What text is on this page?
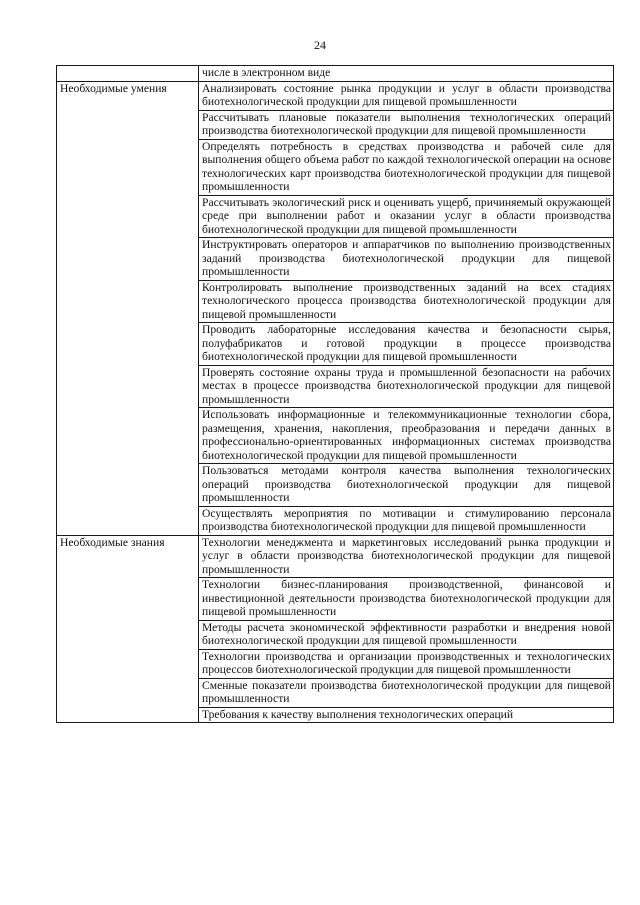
24
	числе в электронном виде
Необходимые умения	Анализировать состояние рынка продукции и услуг в области производства биотехнологической продукции для пищевой промышленности
	Рассчитывать плановые показатели выполнения технологических операций производства биотехнологической продукции для пищевой промышленности
	Определять потребность в средствах производства и рабочей силе для выполнения общего объема работ по каждой технологической операции на основе технологических карт производства биотехнологической продукции для пищевой промышленности
	Рассчитывать экологический риск и оценивать ущерб, причиняемый окружающей среде при выполнении работ и оказании услуг в области производства биотехнологической продукции для пищевой промышленности
	Инструктировать операторов и аппаратчиков по выполнению производственных заданий производства биотехнологической продукции для пищевой промышленности
	Контролировать выполнение производственных заданий на всех стадиях технологического процесса производства биотехнологической продукции для пищевой промышленности
	Проводить лабораторные исследования качества и безопасности сырья, полуфабрикатов и готовой продукции в процессе производства биотехнологической продукции для пищевой промышленности
	Проверять состояние охраны труда и промышленной безопасности на рабочих местах в процессе производства биотехнологической продукции для пищевой промышленности
	Использовать информационные и телекоммуникационные технологии сбора, размещения, хранения, накопления, преобразования и передачи данных в профессионально-ориентированных информационных системах производства биотехнологической продукции для пищевой промышленности
	Пользоваться методами контроля качества выполнения технологических операций производства биотехнологической продукции для пищевой промышленности
	Осуществлять мероприятия по мотивации и стимулированию персонала производства биотехнологической продукции для пищевой промышленности
Необходимые знания	Технологии менеджмента и маркетинговых исследований рынка продукции и услуг в области производства биотехнологической продукции для пищевой промышленности
	Технологии бизнес-планирования производственной, финансовой и инвестиционной деятельности производства биотехнологической продукции для пищевой промышленности
	Методы расчета экономической эффективности разработки и внедрения новой биотехнологической продукции для пищевой промышленности
	Технологии производства и организации производственных и технологических процессов биотехнологической продукции для пищевой промышленности
	Сменные показатели производства биотехнологической продукции для пищевой промышленности
	Требования к качеству выполнения технологических операций
